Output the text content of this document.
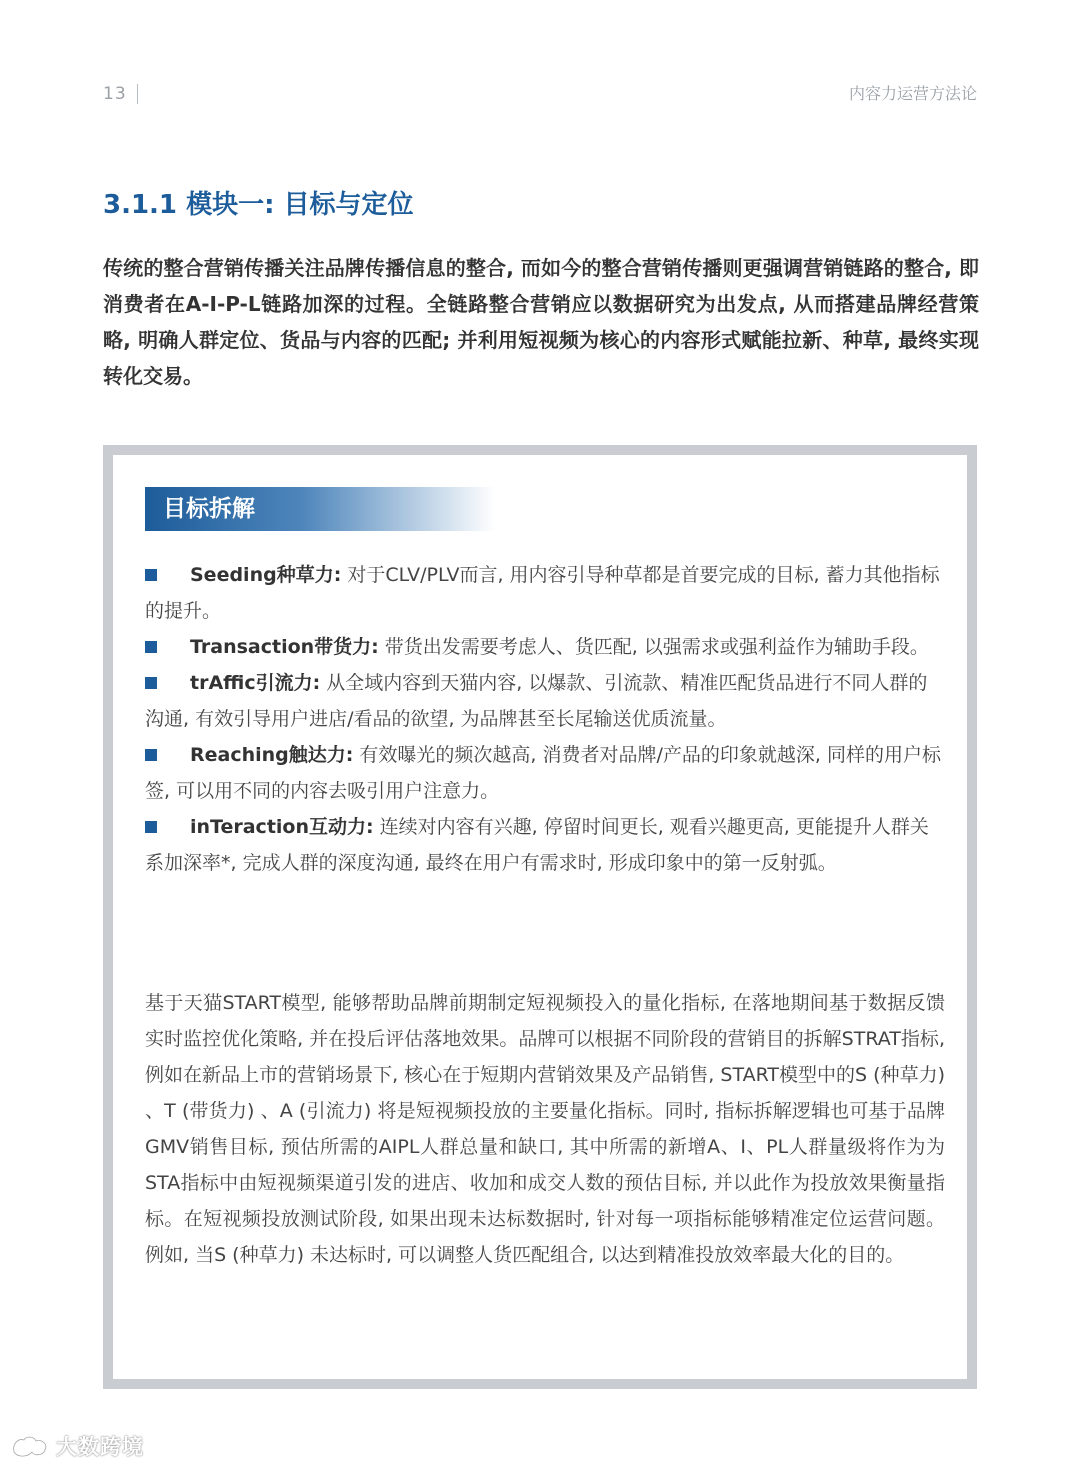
13	内容力运营方法论
3.1.1 模块一: 目标与定位

传统的整合营销传播关注品牌传播信息的整合, 而如今的整合营销传播则更强调营销链路的整合, 即消费者在A-I-P-L链路加深的过程。全链路整合营销应以数据研究为出发点, 从而搭建品牌经营策略, 明确人群定位、货品与内容的匹配; 并利用短视频为核心的内容形式赋能拉新、种草, 最终实现转化交易。

目标拆解
Seeding种草力: 对于CLV/PLV而言, 用内容引导种草都是首要完成的目标, 蓄力其他指标的提升。
Transaction带货力: 带货出发需要考虑人、货匹配, 以强需求或强利益作为辅助手段。
trAffic引流力: 从全域内容到天猫内容, 以爆款、引流款、精准匹配货品进行不同人群的沟通, 有效引导用户进店/看品的欲望, 为品牌甚至长尾输送优质流量。
Reaching触达力: 有效曝光的频次越高, 消费者对品牌/产品的印象就越深, 同样的用户标签, 可以用不同的内容去吸引用户注意力。
inTeraction互动力: 连续对内容有兴趣, 停留时间更长, 观看兴趣更高, 更能提升人群关系加深率*, 完成人群的深度沟通, 最终在用户有需求时, 形成印象中的第一反射弧。

基于天猫START模型, 能够帮助品牌前期制定短视频投入的量化指标, 在落地期间基于数据反馈实时监控优化策略, 并在投后评估落地效果。品牌可以根据不同阶段的营销目的拆解STRAT指标, 例如在新品上市的营销场景下, 核心在于短期内营销效果及产品销售, START模型中的S (种草力) 、T (带货力) 、A (引流力) 将是短视频投放的主要量化指标。同时, 指标拆解逻辑也可基于品牌GMV销售目标, 预估所需的AIPL人群总量和缺口, 其中所需的新增A、I、PL人群量级将作为为STA指标中由短视频渠道引发的进店、收加和成交人数的预估目标, 并以此作为投放效果衡量指标。在短视频投放测试阶段, 如果出现未达标数据时, 针对每一项指标能够精准定位运营问题。例如, 当S (种草力) 未达标时, 可以调整人货匹配组合, 以达到精准投放效率最大化的目的。

大数跨境
